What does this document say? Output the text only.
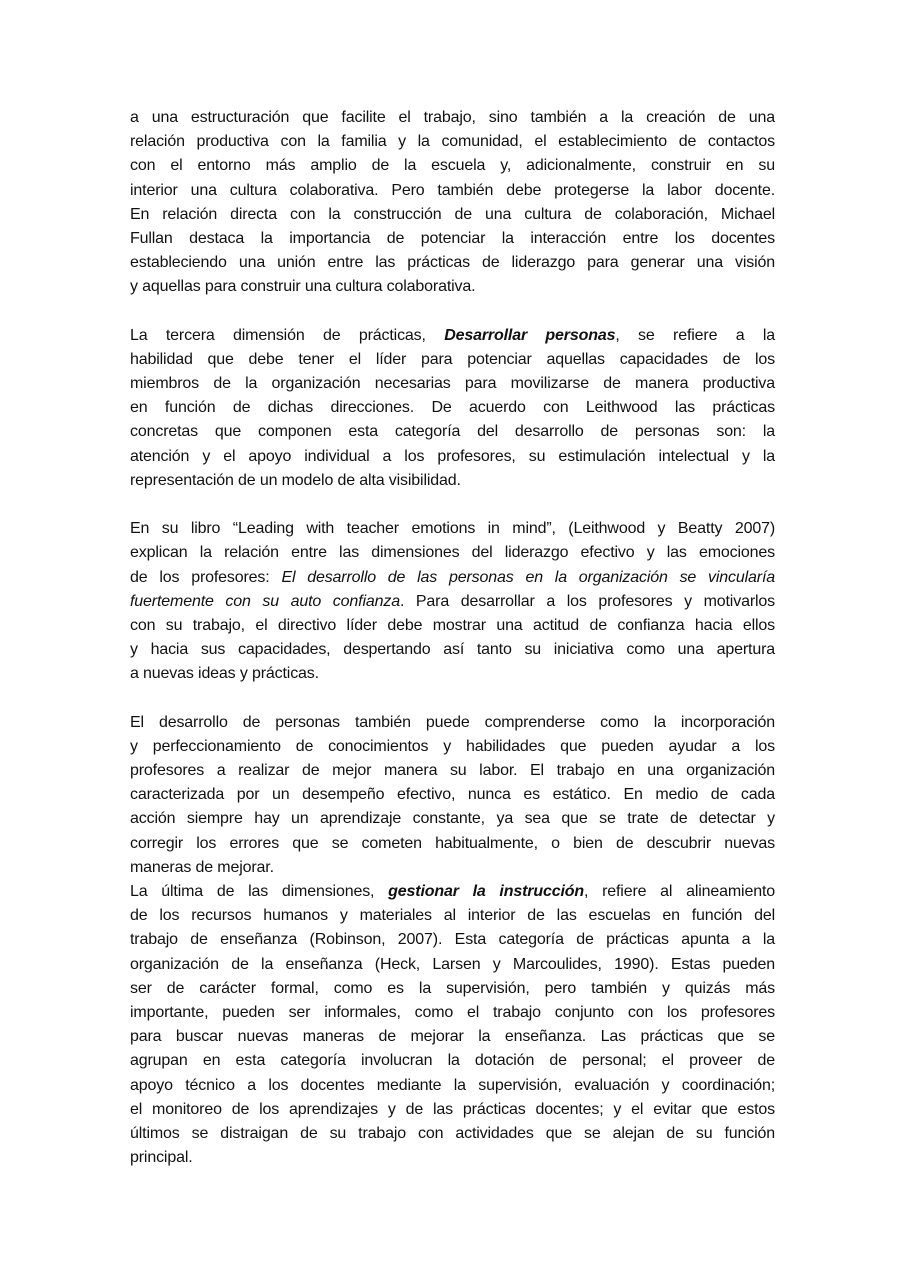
a una estructuración que facilite el trabajo, sino también a la creación de una
relación productiva con la familia y la comunidad, el establecimiento de contactos
con el entorno más amplio de la escuela y, adicionalmente, construir en su
interior una cultura colaborativa. Pero también debe protegerse la labor docente.
En relación directa con la construcción de una cultura de colaboración, Michael
Fullan destaca la importancia de potenciar la interacción entre los docentes
estableciendo una unión entre las prácticas de liderazgo para generar una visión
y aquellas para construir una cultura colaborativa.
La tercera dimensión de prácticas, Desarrollar personas, se refiere a la
habilidad que debe tener el líder para potenciar aquellas capacidades de los
miembros de la organización necesarias para movilizarse de manera productiva
en función de dichas direcciones. De acuerdo con Leithwood las prácticas
concretas que componen esta categoría del desarrollo de personas son: la
atención y el apoyo individual a los profesores, su estimulación intelectual y la
representación de un modelo de alta visibilidad.
En su libro “Leading with teacher emotions in mind”, (Leithwood y Beatty 2007)
explican la relación entre las dimensiones del liderazgo efectivo y las emociones
de los profesores: El desarrollo de las personas en la organización se vincularía
fuertemente con su auto confianza. Para desarrollar a los profesores y motivarlos
con su trabajo, el directivo líder debe mostrar una actitud de confianza hacia ellos
y hacia sus capacidades, despertando así tanto su iniciativa como una apertura
a nuevas ideas y prácticas.
El desarrollo de personas también puede comprenderse como la incorporación
y perfeccionamiento de conocimientos y habilidades que pueden ayudar a los
profesores a realizar de mejor manera su labor. El trabajo en una organización
caracterizada por un desempeño efectivo, nunca es estático. En medio de cada
acción siempre hay un aprendizaje constante, ya sea que se trate de detectar y
corregir los errores que se cometen habitualmente, o bien de descubrir nuevas
maneras de mejorar.
La última de las dimensiones, gestionar la instrucción, refiere al alineamiento
de los recursos humanos y materiales al interior de las escuelas en función del
trabajo de enseñanza (Robinson, 2007). Esta categoría de prácticas apunta a la
organización de la enseñanza (Heck, Larsen y Marcoulides, 1990). Estas pueden
ser de carácter formal, como es la supervisión, pero también y quizás más
importante, pueden ser informales, como el trabajo conjunto con los profesores
para buscar nuevas maneras de mejorar la enseñanza. Las prácticas que se
agrupan en esta categoría involucran la dotación de personal; el proveer de
apoyo técnico a los docentes mediante la supervisión, evaluación y coordinación;
el monitoreo de los aprendizajes y de las prácticas docentes; y el evitar que estos
últimos se distraigan de su trabajo con actividades que se alejan de su función
principal.
